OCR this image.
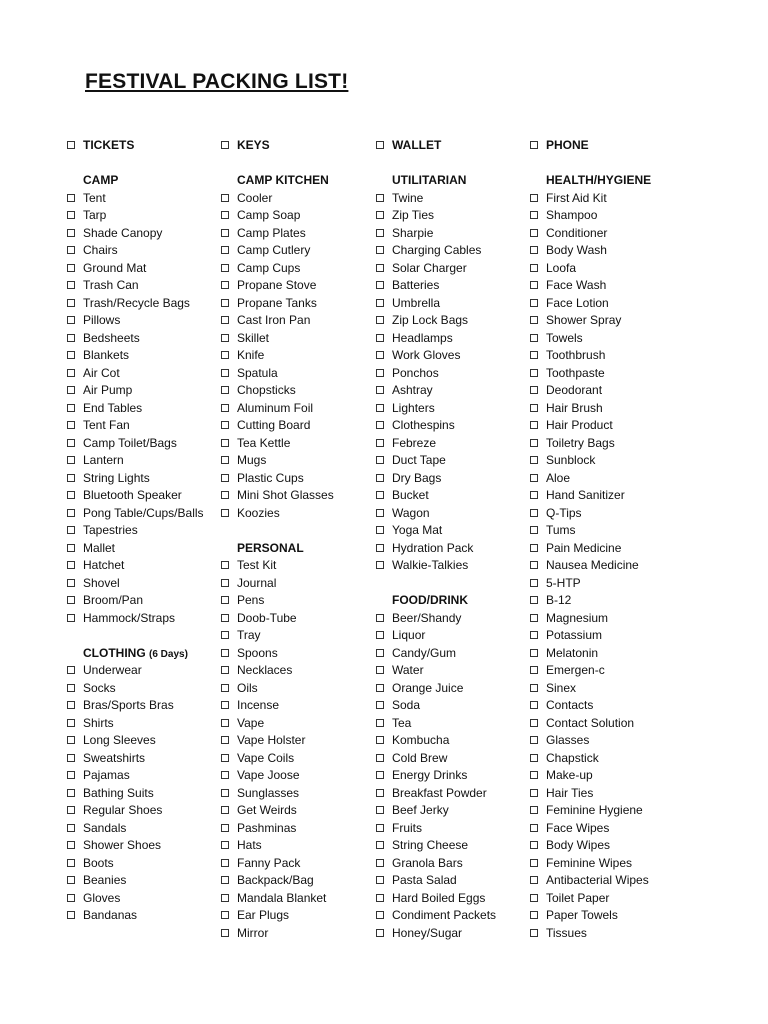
FESTIVAL PACKING LIST!
TICKETS
CAMP
Tent
Tarp
Shade Canopy
Chairs
Ground Mat
Trash Can
Trash/Recycle Bags
Pillows
Bedsheets
Blankets
Air Cot
Air Pump
End Tables
Tent Fan
Camp Toilet/Bags
Lantern
String Lights
Bluetooth Speaker
Pong Table/Cups/Balls
Tapestries
Mallet
Hatchet
Shovel
Broom/Pan
Hammock/Straps
CLOTHING (6 Days)
Underwear
Socks
Bras/Sports Bras
Shirts
Long Sleeves
Sweatshirts
Pajamas
Bathing Suits
Regular Shoes
Sandals
Shower Shoes
Boots
Beanies
Gloves
Bandanas
KEYS
CAMP KITCHEN
Cooler
Camp Soap
Camp Plates
Camp Cutlery
Camp Cups
Propane Stove
Propane Tanks
Cast Iron Pan
Skillet
Knife
Spatula
Chopsticks
Aluminum Foil
Cutting Board
Tea Kettle
Mugs
Plastic Cups
Mini Shot Glasses
Koozies
PERSONAL
Test Kit
Journal
Pens
Doob-Tube
Tray
Spoons
Necklaces
Oils
Incense
Vape
Vape Holster
Vape Coils
Vape Joose
Sunglasses
Get Weirds
Pashminas
Hats
Fanny Pack
Backpack/Bag
Mandala Blanket
Ear Plugs
Mirror
WALLET
UTILITARIAN
Twine
Zip Ties
Sharpie
Charging Cables
Solar Charger
Batteries
Umbrella
Zip Lock Bags
Headlamps
Work Gloves
Ponchos
Ashtray
Lighters
Clothespins
Febreze
Duct Tape
Dry Bags
Bucket
Wagon
Yoga Mat
Hydration Pack
Walkie-Talkies
FOOD/DRINK
Beer/Shandy
Liquor
Candy/Gum
Water
Orange Juice
Soda
Tea
Kombucha
Cold Brew
Energy Drinks
Breakfast Powder
Beef Jerky
Fruits
String Cheese
Granola Bars
Pasta Salad
Hard Boiled Eggs
Condiment Packets
Honey/Sugar
PHONE
HEALTH/HYGIENE
First Aid Kit
Shampoo
Conditioner
Body Wash
Loofa
Face Wash
Face Lotion
Shower Spray
Towels
Toothbrush
Toothpaste
Deodorant
Hair Brush
Hair Product
Toiletry Bags
Sunblock
Aloe
Hand Sanitizer
Q-Tips
Tums
Pain Medicine
Nausea Medicine
5-HTP
B-12
Magnesium
Potassium
Melatonin
Emergen-c
Sinex
Contacts
Contact Solution
Glasses
Chapstick
Make-up
Hair Ties
Feminine Hygiene
Face Wipes
Body Wipes
Feminine Wipes
Antibacterial Wipes
Toilet Paper
Paper Towels
Tissues
